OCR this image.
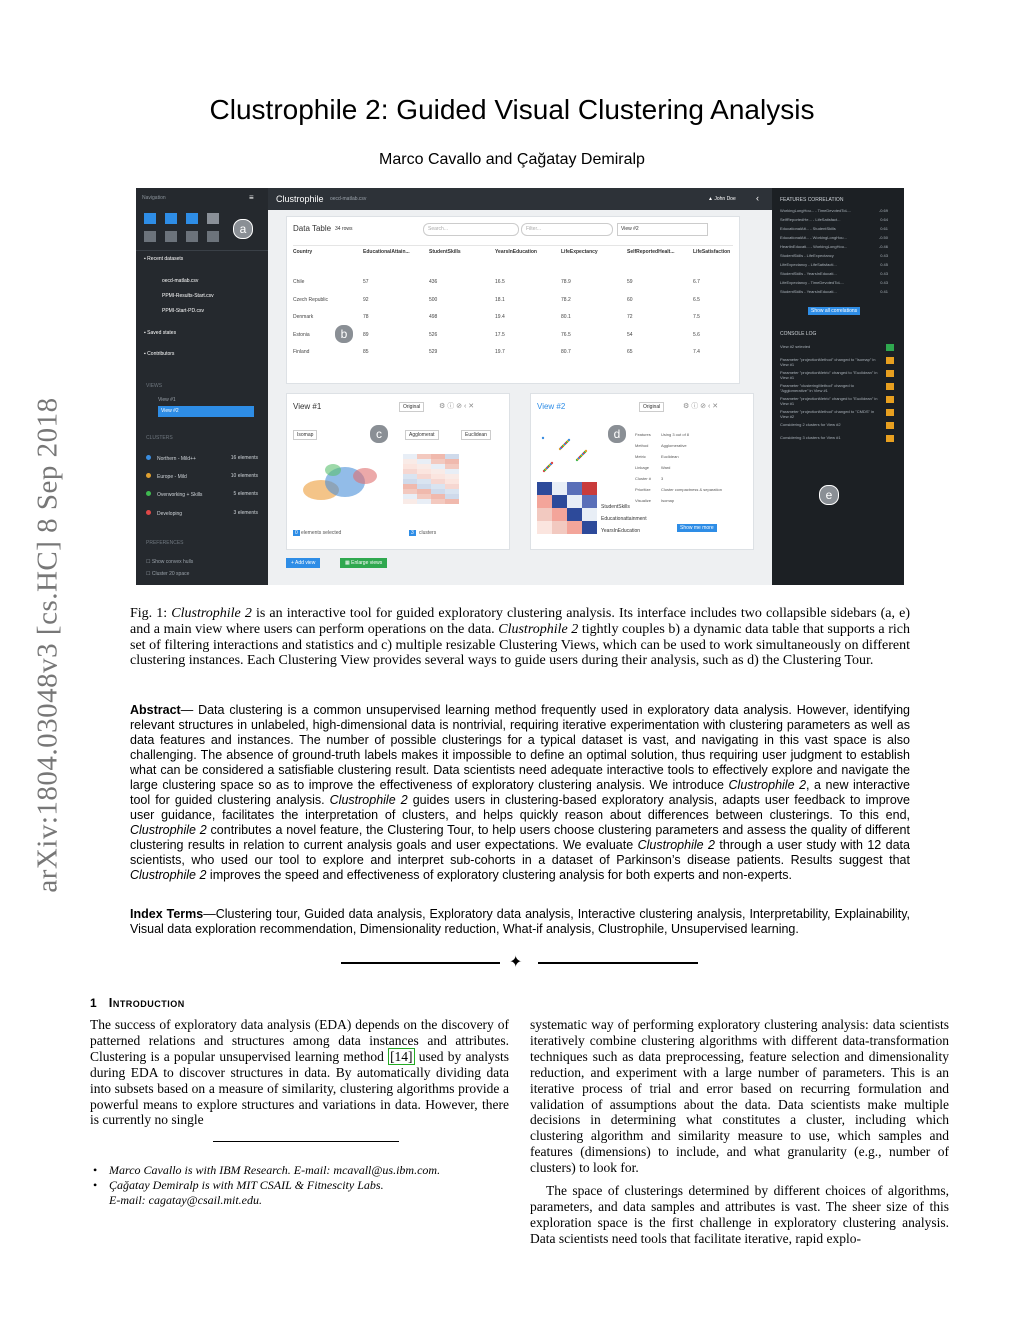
arXiv:1804.03048v3 [cs.HC] 8 Sep 2018
Clustrophile 2: Guided Visual Clustering Analysis
Marco Cavallo and Çağatay Demiralp
Navigation	≡
▪ Recent datasets
oecd-matlab.csv
PPMI-Results-Start.csv
PPMI-Start-PD.csv
▪ Saved states
▪ Contributors
VIEWS
View #1
View #2
CLUSTERS
Northern - Mild++	16 elements
Europe - Mild	10 elements
Overworking + Skills	5 elements
Developing	3 elements
PREFERENCES
☐ Show convex hulls
☐ Cluster 20 space
Clustrophile oecd-matlab.csv	▲ John Doe ‹
Data Table 34 rows	Search...	Filter...	View #2
Country	EducationalAttain...	StudentSkills	YearsInEducation	LifeExpectancy	SelfReportedHealt...	LifeSatisfaction
Chile	57	436	16.5	78.9	59	6.7
Czech Republic	92	500	18.1	78.2	60	6.5
Denmark	78	498	19.4	80.1	72	7.5
Estonia	89	526	17.5	76.5	54	5.6
Finland	85	529	19.7	80.7	65	7.4
View #1	Original	⚙ ⓘ ⊘ ‹ ✕
Isomap	Agglomerat	Euclidean
0 elements selected	3	clusters
View #2	Original	⚙ ⓘ ⊘ ‹ ✕
StudentSkills
Educationattainment
YearsInEducation
Features	Using 3 out of 8
Method	Agglomerative
Metric	Euclidean
Linkage	Ward
Cluster # 3
Prioritize	Cluster compactness & separation
Visualize	Isomap
Show me more
+ Add view	▦ Enlarge views
FEATURES CORRELATION
WorkingLongHou... - TimeDevotedToL...	-0.69
SelfReportedHe... - LifeSatisfact...	0.64
EducationalAtt... - StudentSkills	0.61
EducationalAtt... - WorkingLongHou...	-0.50
HeartinEducati... - WorkingLongHou...	-0.46
StudentSkills - LifeExpectancy	0.43
LifeExpectancy - LifeSatisfacti...	0.45
StudentSkills - YearsInEducati...	0.43
LifeExpectancy - TimeDevotedToL...	0.43
StudentSkills - YearsInEducati...	0.41
Show all correlations
CONSOLE LOG
View #2 selected
Parameter "projectionMethod" changed to "Isomap" in View #1
Parameter "projectionMetric" changed to "Euclidean" in View #1
Parameter "clusteringMethod" changed to "Agglomerative" in View #1
Parameter "projectionMetric" changed to "Euclidean" in View #1
Parameter "projectionMethod" changed to "CMDS" in View #2
Considering 2 clusters for View #2
Considering 3 clusters for View #1
a
b
c	d
e
Fig. 1: Clustrophile 2 is an interactive tool for guided exploratory clustering analysis. Its interface includes two collapsible sidebars (a, e) and a main view where users can perform operations on the data. Clustrophile 2 tightly couples b) a dynamic data table that supports a rich set of filtering interactions and statistics and c) multiple resizable Clustering Views, which can be used to work simultaneously on different clustering instances. Each Clustering View provides several ways to guide users during their analysis, such as d) the Clustering Tour.
Abstract— Data clustering is a common unsupervised learning method frequently used in exploratory data analysis. However, identifying relevant structures in unlabeled, high-dimensional data is nontrivial, requiring iterative experimentation with clustering parameters as well as data features and instances. The number of possible clusterings for a typical dataset is vast, and navigating in this vast space is also challenging. The absence of ground-truth labels makes it impossible to define an optimal solution, thus requiring user judgment to establish what can be considered a satisfiable clustering result. Data scientists need adequate interactive tools to effectively explore and navigate the large clustering space so as to improve the effectiveness of exploratory clustering analysis. We introduce Clustrophile 2, a new interactive tool for guided clustering analysis. Clustrophile 2 guides users in clustering-based exploratory analysis, adapts user feedback to improve user guidance, facilitates the interpretation of clusters, and helps quickly reason about differences between clusterings. To this end, Clustrophile 2 contributes a novel feature, the Clustering Tour, to help users choose clustering parameters and assess the quality of different clustering results in relation to current analysis goals and user expectations. We evaluate Clustrophile 2 through a user study with 12 data scientists, who used our tool to explore and interpret sub-cohorts in a dataset of Parkinson’s disease patients. Results suggest that Clustrophile 2 improves the speed and effectiveness of exploratory clustering analysis for both experts and non-experts.
Index Terms—Clustering tour, Guided data analysis, Exploratory data analysis, Interactive clustering analysis, Interpretability, Explainability, Visual data exploration recommendation, Dimensionality reduction, What-if analysis, Clustrophile, Unsupervised learning.
✦
1 Introduction

The success of exploratory data analysis (EDA) depends on the discovery of patterned relations and structures among data instances and attributes. Clustering is a popular unsupervised learning method [14] used by analysts during EDA to discover structures in data. By automatically dividing data into subsets based on a measure of similarity, clustering algorithms provide a powerful means to explore structures and variations in data. However, there is currently no single

• Marco Cavallo is with IBM Research. E-mail: mcavall@us.ibm.com.
• Çağatay Demiralp is with MIT CSAIL & Fitnescity Labs.
E-mail: cagatay@csail.mit.edu.

systematic way of performing exploratory clustering analysis: data scientists iteratively combine clustering algorithms with different data-transformation techniques such as data preprocessing, feature selection and dimensionality reduction, and experiment with a large number of parameters. This is an iterative process of trial and error based on recurring formulation and validation of assumptions about the data. Data scientists make multiple decisions in determining what constitutes a cluster, including which clustering algorithm and similarity measure to use, which samples and features (dimensions) to include, and what granularity (e.g., number of clusters) to look for.

The space of clusterings determined by different choices of algorithms, parameters, and data samples and attributes is vast. The sheer size of this exploration space is the first challenge in exploratory clustering analysis. Data scientists need tools that facilitate iterative, rapid explo-
